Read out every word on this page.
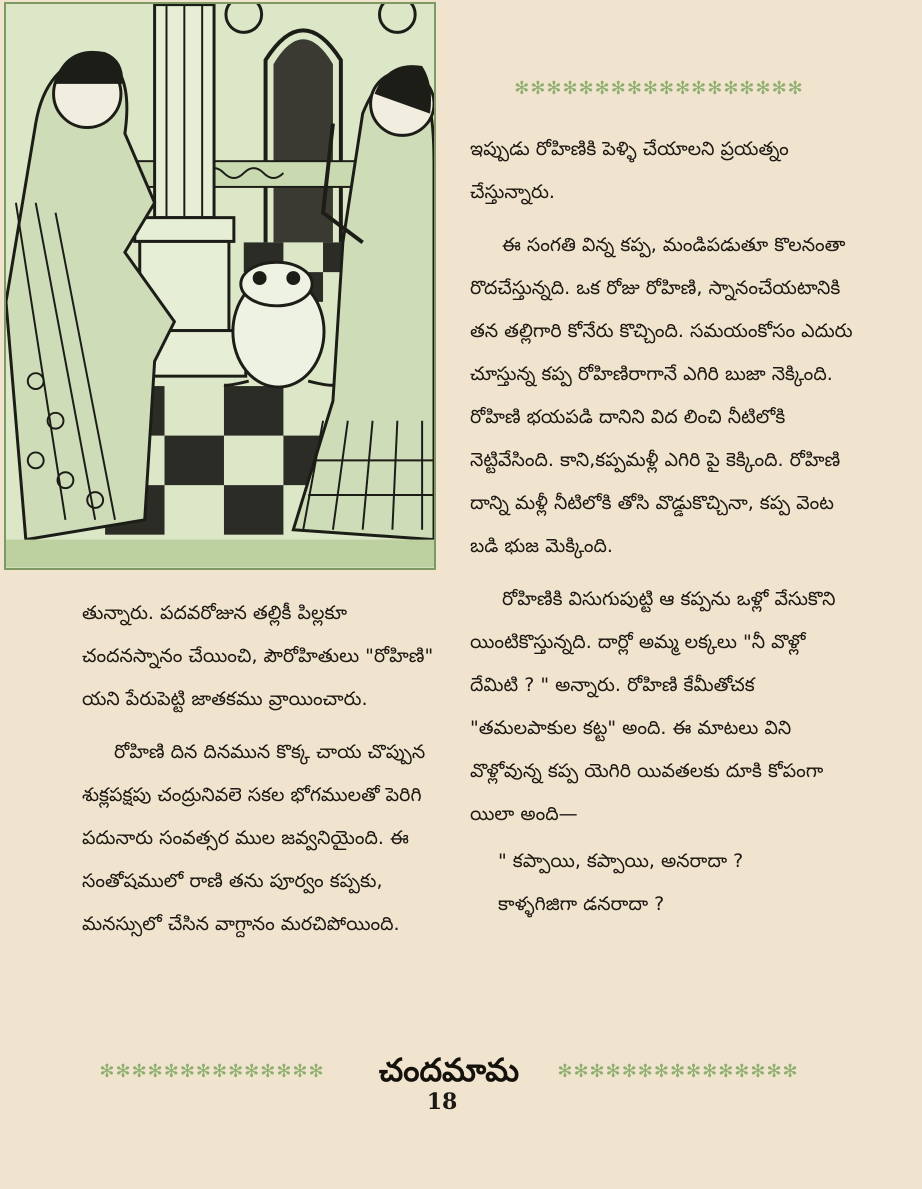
✻✻✻✻✻✻✻✻✻✻✻✻✻✻✻✻✻✻

ఇప్పుడు రోహిణికి పెళ్ళి చేయాలని ప్రయత్నం చేస్తున్నారు.

ఈ సంగతి విన్న కప్ప, మండిపడుతూ కొలనంతా రొదచేస్తున్నది. ఒక రోజు రోహిణి, స్నానంచేయటానికి తన తల్లిగారి కోనేరు కొచ్చింది. సమయంకోసం ఎదురు చూస్తున్న కప్ప రోహిణిరాగానే ఎగిరి బుజా నెక్కింది. రోహిణి భయపడి దానిని విద లించి నీటిలోకి నెట్టివేసింది. కాని,కప్పమళ్లీ ఎగిరి పై కెక్కింది. రోహిణి దాన్ని మళ్లీ నీటిలోకి తోసి వొడ్డుకొచ్చినా, కప్ప వెంట బడి భుజ మెక్కింది.

రోహిణికి విసుగుపుట్టి ఆ కప్పను ఒళ్లో వేసుకొని యింటికొస్తున్నది. దార్లో అమ్మ లక్కలు "నీ వొళ్లో దేమిటి ? " అన్నారు. రోహిణి కేమీతోచక "తమలపాకుల కట్ట" అంది. ఈ మాటలు విని వొళ్లోవున్న కప్ప యెగిరి యివతలకు దూకి కోపంగా యిలా అంది—

" కప్పాయి, కప్పాయి, అనరాదా ?
కాళ్ళగిజిగా డనరాదా ?

తున్నారు. పదవరోజున తల్లికీ పిల్లకూ చందనస్నానం చేయించి, పౌరోహితులు "రోహిణి" యని పేరుపెట్టి జాతకము వ్రాయించారు.

రోహిణి దిన దినమున కొక్క చాయ చొప్పున శుక్లపక్షపు చంద్రునివలె సకల భోగములతో పెరిగి పదునారు సంవత్సర ముల జవ్వనియైంది. ఈ సంతోషములో రాణి తను పూర్వం కప్పకు, మనస్సులో చేసిన వాగ్దానం మరచిపోయింది.

✻✻✻✻✻✻✻✻✻✻✻✻✻✻	చందమామ	✻✻✻✻✻✻✻✻✻✻✻✻✻✻✻
18
